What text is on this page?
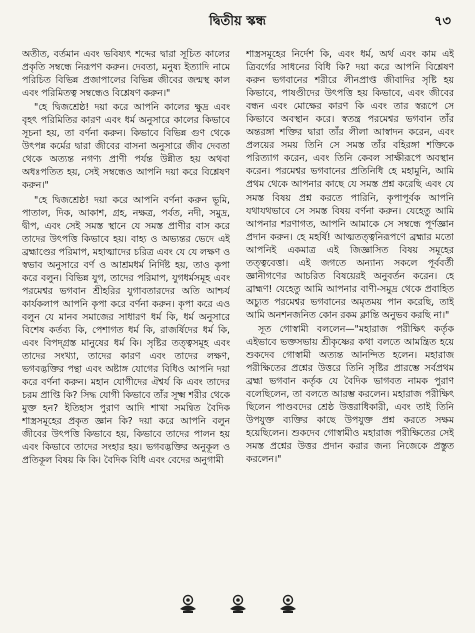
দ্বিতীয় স্কন্ধ	৭৩

অতীত, বর্তমান এবং ভবিষ্যৎ শব্দের দ্বারা সূচিত কালের প্রকৃতি সম্বন্ধে নিরূপণ করুন। দেবতা, মনুষ্য ইত্যাদি নামে পরিচিত বিভিন্ন প্রজাপালের বিভিন্ন জীবের জন্মস্থ কাল এবং পরিমিতত্ব সম্বন্ধেও বিশ্লেষণ করুন।"

"হে দ্বিজশ্রেষ্ঠ! দয়া করে আপনি কালের ক্ষুদ্র এবং বৃহৎ পরিমিতির কারণ এবং ধর্ম অনুসারে কালের কিভাবে সূচনা হয়, তা বর্ণনা করুন। কিভাবে বিভিন্ন গুণ থেকে উৎপন্ন কর্মের দ্বারা জীবের বাসনা অনুসারে জীব দেবতা থেকে অত্যন্ত নগণ্য প্রাণী পর্যন্ত উন্নীত হয় অথবা অধঃপতিত হয়, সেই সম্বন্ধেও আপনি দয়া করে বিশ্লেষণ করুন।"

"হে দ্বিজশ্রেষ্ঠ! দয়া করে আপনি বর্ণনা করুন ভূমি, পাতাল, দিক, আকাশ, গ্রহ, নক্ষত্র, পর্বত, নদী, সমুদ্র, দ্বীপ, এবং সেই সমস্ত স্থানে যে সমস্ত প্রাণীর বাস করে তাদের উৎপত্তি কিভাবে হয়। বাহ্য ও অভ্যন্তর ভেদে এই ব্রহ্মাণ্ডের পরিমাপ, মহাত্মাদের চরিত্র এবং যে যে লক্ষণ ও স্বভাব অনুসারে বর্ণ ও আশ্রমধর্ম নির্দিষ্ট হয়, তাও কৃপা করে বলুন। বিভিন্ন যুগ, তাদের পরিমাপ, যুগধর্মসমূহ এবং পরমেশ্বর ভগবান শ্রীহরির যুগাবতারদের অতি আশ্চর্য কার্যকলাপ আপনি কৃপা করে বর্ণনা করুন। কৃপা করে এও বলুন যে মানব সমাজের সাধারণ ধর্ম কি, ধর্ম অনুসারে বিশেষ কর্তব্য কি, পেশাগত ধর্ম কি, রাজর্ষিদের ধর্ম কি, এবং বিপদ্গ্রস্ত মানুষের ধর্ম কি। সৃষ্টির তত্ত্বসমূহ এবং তাদের সংখ্যা, তাদের কারণ এবং তাদের লক্ষণ, ভগবদ্ভক্তির পন্থা এবং অষ্টাঙ্গ যোগের বিধিও আপনি দয়া করে বর্ণনা করুন। মহান যোগীদের ঐশ্বর্য কি এবং তাদের চরম প্রাপ্তি কি? সিদ্ধ যোগী কিভাবে তাঁর সূক্ষ্ম শরীর থেকে মুক্ত হন? ইতিহাস পুরাণ আদি শাখা সমন্বিত বৈদিক শাস্ত্রসমূহের প্রকৃত জ্ঞান কি? দয়া করে আপনি বলুন জীবের উৎপত্তি কিভাবে হয়, কিভাবে তাদের পালন হয় এবং কিভাবে তাদের সংহার হয়। ভগবদ্ভক্তির অনুকূল ও প্রতিকূল বিষয় কি কি। বৈদিক বিধি এবং বেদের অনুগামী

শাস্ত্রসমূহের নির্দেশ কি, এবং ধর্ম, অর্থ এবং কাম এই ত্রিবর্গের সাধনের বিধি কি? দয়া করে আপনি বিশ্লেষণ করুন ভগবানের শরীরে লীনপ্রাপ্ত জীবাদির সৃষ্টি হয় কিভাবে, পাষণ্ডীদের উৎপত্তি হয় কিভাবে, এবং জীবের বন্ধন এবং মোক্ষের কারণ কি এবং তার স্বরূপে সে কিভাবে অবস্থান করে। স্বতন্ত্র পরমেশ্বর ভগবান তাঁর অন্তরঙ্গা শক্তির দ্বারা তাঁর লীলা আস্বাদন করেন, এবং প্রলয়ের সময় তিনি সে সমস্ত তাঁর বহিরঙ্গা শক্তিকে পরিত্যাগ করেন, এবং তিনি কেবল সাক্ষীরূপে অবস্থান করেন। পরমেশ্বর ভগবানের প্রতিনিধি হে মহামুনি, আমি প্রথম থেকে আপনার কাছে যে সমস্ত প্রশ্ন করেছি এবং যে সমস্ত বিষয় প্রশ্ন করতে পারিনি, কৃপাপূর্বক আপনি যথাযথভাবে সে সমস্ত বিষয় বর্ণনা করুন। যেহেতু আমি আপনার শরণাগত, আপনি আমাকে সে সম্বন্ধে পূর্ণজ্ঞান প্রদান করুন। হে মহর্ষি! আত্মতত্ত্বনিরূপণে ব্রহ্মার মতো আপনিই একমাত্র এই জিজ্ঞাসিত বিষয় সমূহের তত্ত্ববেত্তা। এই জগতে অন্যান্য সকলে পূর্ববর্তী জ্ঞানীগণের আচরিত বিষয়েরই অনুবর্তন করেন। হে ব্রাহ্মণ! যেহেতু আমি আপনার বাণী-সমুদ্র থেকে প্রবাহিত অচ্যুত পরমেশ্বর ভগবানের অমৃতময় পান করেছি, তাই আমি অনশনজনিত কোন রকম ক্লান্তি অনুভব করছি না।"

সূত গোস্বামী বললেন—"মহারাজ পরীক্ষিৎ কর্তৃক এইভাবে ভক্তসভায় শ্রীকৃষ্ণের কথা বলতে আমন্ত্রিত হয়ে শুকদেব গোস্বামী অত্যন্ত আনন্দিত হলেন। মহারাজ পরীক্ষিতের প্রশ্নের উত্তরে তিনি সৃষ্টির প্রারম্ভে সর্বপ্রথম ব্রহ্মা ভগবান কর্তৃক যে বৈদিক ভাগবত নামক পুরাণ বলেছিলেন, তা বলতে আরম্ভ করলেন। মহারাজ পরীক্ষিৎ ছিলেন পাণ্ডবদের শ্রেষ্ঠ উত্তরাধিকারী, এবং তাই তিনি উপযুক্ত ব্যক্তির কাছে উপযুক্ত প্রশ্ন করতে সক্ষম হয়েছিলেন। শুকদেব গোস্বামীও মহারাজ পরীক্ষিতের সেই সমস্ত প্রশ্নের উত্তর প্রদান করার জন্য নিজেকে প্রস্তুত করলেন।"
